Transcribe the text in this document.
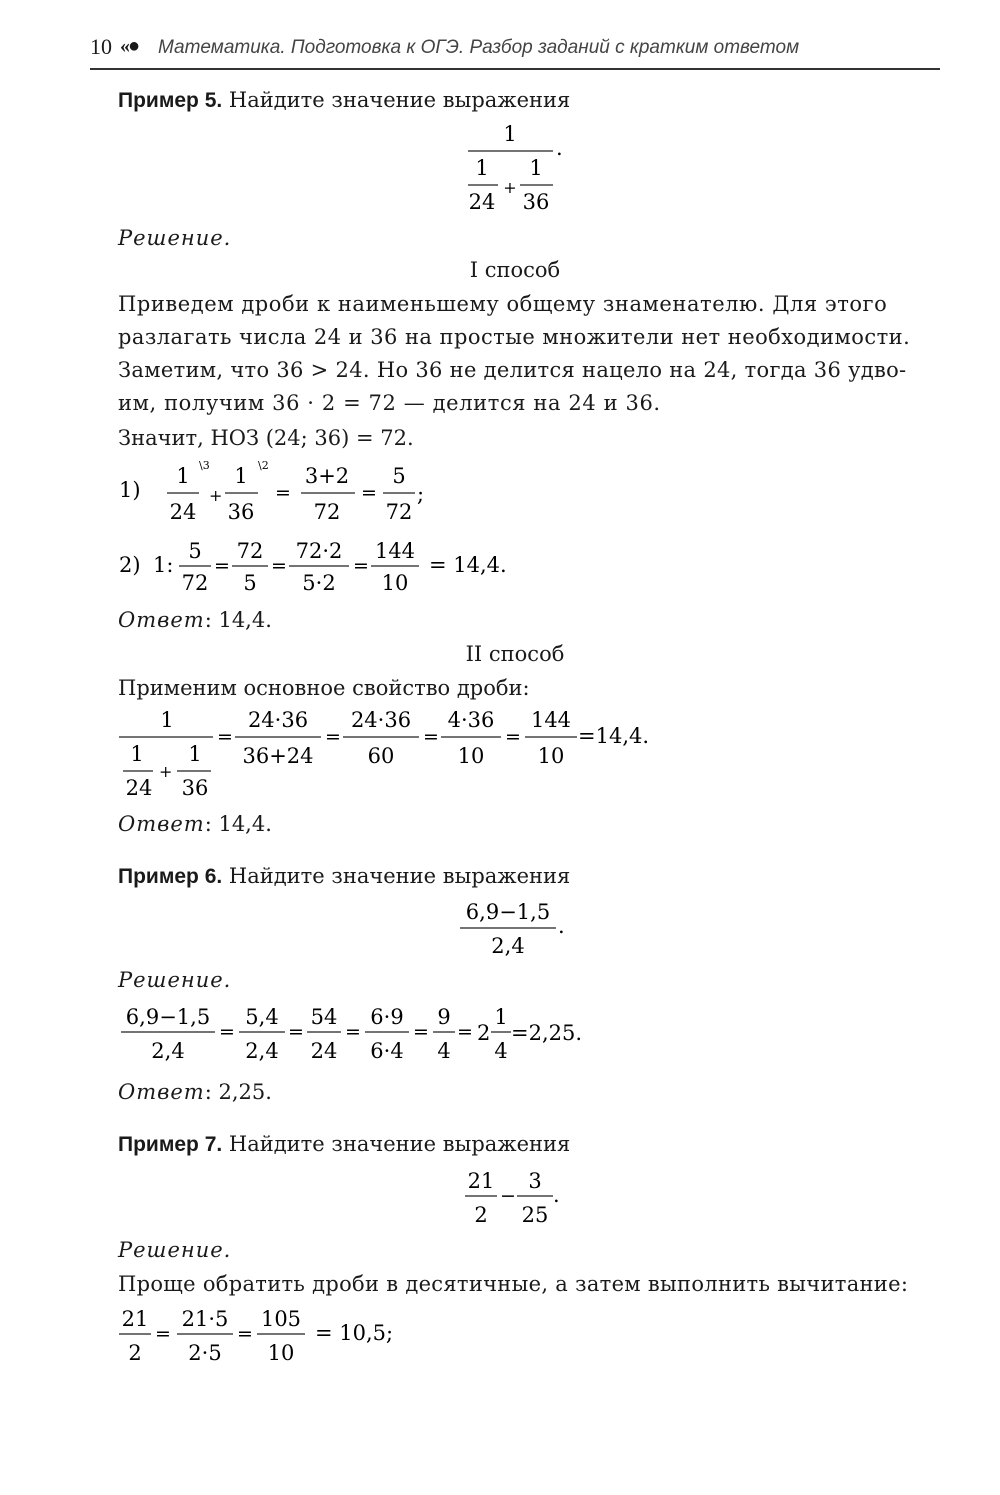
10 «● Математика. Подготовка к ОГЭ. Разбор заданий с кратким ответом
Пример 5. Найдите значение выражения
1
1
24
+
1
36
.
Решение.
I способ
Приведем дроби к наименьшему общему знаменателю. Для этого
разлагать числа 24 и 36 на простые множители нет необходимости.
Заметим, что 36 > 24. Но 36 не делится нацело на 24, тогда 36 удво-
им, получим 36 · 2 = 72 — делится на 24 и 36.
Значит, НОЗ (24; 36) = 72.
1)
1 \3
24
+
1 \2
36
=
3+2
72
=
5
72
;
2) 1:
5
72
=
72
5
=
72·2
5·2
=
144
10
= 14,4.
Ответ: 14,4.
II способ
Применим основное свойство дроби:
1
1
24
+
1
36
=
24·36
36+24
=
24·36
60
=
4·36
10
=
144
10
=14,4.
Ответ: 14,4.
Пример 6. Найдите значение выражения
6,9−1,5
2,4
.
Решение.
6,9−1,5
2,4
=
5,4
2,4
=
54
24
=
6·9
6·4
=
9
4
= 2
1
4
=2,25.
Ответ: 2,25.
Пример 7. Найдите значение выражения
21
2
−
3
25
.
Решение.
Проще обратить дроби в десятичные, а затем выполнить вычитание:
21
2
=
21·5
2·5
=
105
10
= 10,5;
